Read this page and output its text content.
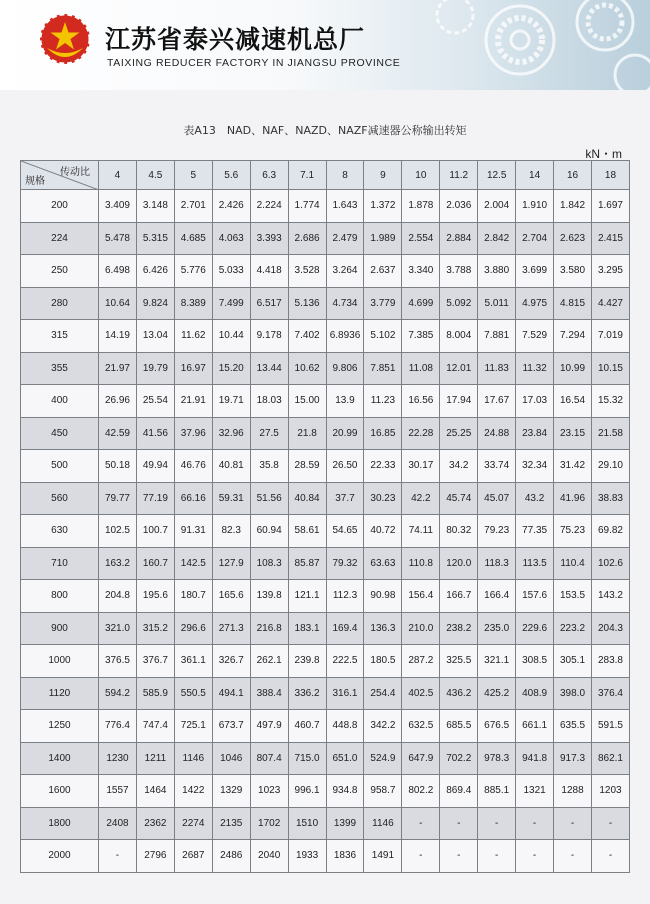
江苏省泰兴减速机总厂
TAIXING REDUCER FACTORY IN JIANGSU PROVINCE
表A13　NAD、NAF、NAZD、NAZF减速器公称输出转矩
kN・m
传动比
规格	4	4.5	5	5.6	6.3	7.1	8	9	10	11.2	12.5	14	16	18
200	3.409	3.148	2.701	2.426	2.224	1.774	1.643	1.372	1.878	2.036	2.004	1.910	1.842	1.697
224	5.478	5.315	4.685	4.063	3.393	2.686	2.479	1.989	2.554	2.884	2.842	2.704	2.623	2.415
250	6.498	6.426	5.776	5.033	4.418	3.528	3.264	2.637	3.340	3.788	3.880	3.699	3.580	3.295
280	10.64	9.824	8.389	7.499	6.517	5.136	4.734	3.779	4.699	5.092	5.011	4.975	4.815	4.427
315	14.19	13.04	11.62	10.44	9.178	7.402	6.8936	5.102	7.385	8.004	7.881	7.529	7.294	7.019
355	21.97	19.79	16.97	15.20	13.44	10.62	9.806	7.851	11.08	12.01	11.83	11.32	10.99	10.15
400	26.96	25.54	21.91	19.71	18.03	15.00	13.9	11.23	16.56	17.94	17.67	17.03	16.54	15.32
450	42.59	41.56	37.96	32.96	27.5	21.8	20.99	16.85	22.28	25.25	24.88	23.84	23.15	21.58
500	50.18	49.94	46.76	40.81	35.8	28.59	26.50	22.33	30.17	34.2	33.74	32.34	31.42	29.10
560	79.77	77.19	66.16	59.31	51.56	40.84	37.7	30.23	42.2	45.74	45.07	43.2	41.96	38.83
630	102.5	100.7	91.31	82.3	60.94	58.61	54.65	40.72	74.11	80.32	79.23	77.35	75.23	69.82
710	163.2	160.7	142.5	127.9	108.3	85.87	79.32	63.63	110.8	120.0	118.3	113.5	110.4	102.6
800	204.8	195.6	180.7	165.6	139.8	121.1	112.3	90.98	156.4	166.7	166.4	157.6	153.5	143.2
900	321.0	315.2	296.6	271.3	216.8	183.1	169.4	136.3	210.0	238.2	235.0	229.6	223.2	204.3
1000	376.5	376.7	361.1	326.7	262.1	239.8	222.5	180.5	287.2	325.5	321.1	308.5	305.1	283.8
1120	594.2	585.9	550.5	494.1	388.4	336.2	316.1	254.4	402.5	436.2	425.2	408.9	398.0	376.4
1250	776.4	747.4	725.1	673.7	497.9	460.7	448.8	342.2	632.5	685.5	676.5	661.1	635.5	591.5
1400	1230	1211	1146	1046	807.4	715.0	651.0	524.9	647.9	702.2	978.3	941.8	917.3	862.1
1600	1557	1464	1422	1329	1023	996.1	934.8	958.7	802.2	869.4	885.1	1321	1288	1203
1800	2408	2362	2274	2135	1702	1510	1399	1146	-	-	-	-	-	-
2000	-	2796	2687	2486	2040	1933	1836	1491	-	-	-	-	-	-
